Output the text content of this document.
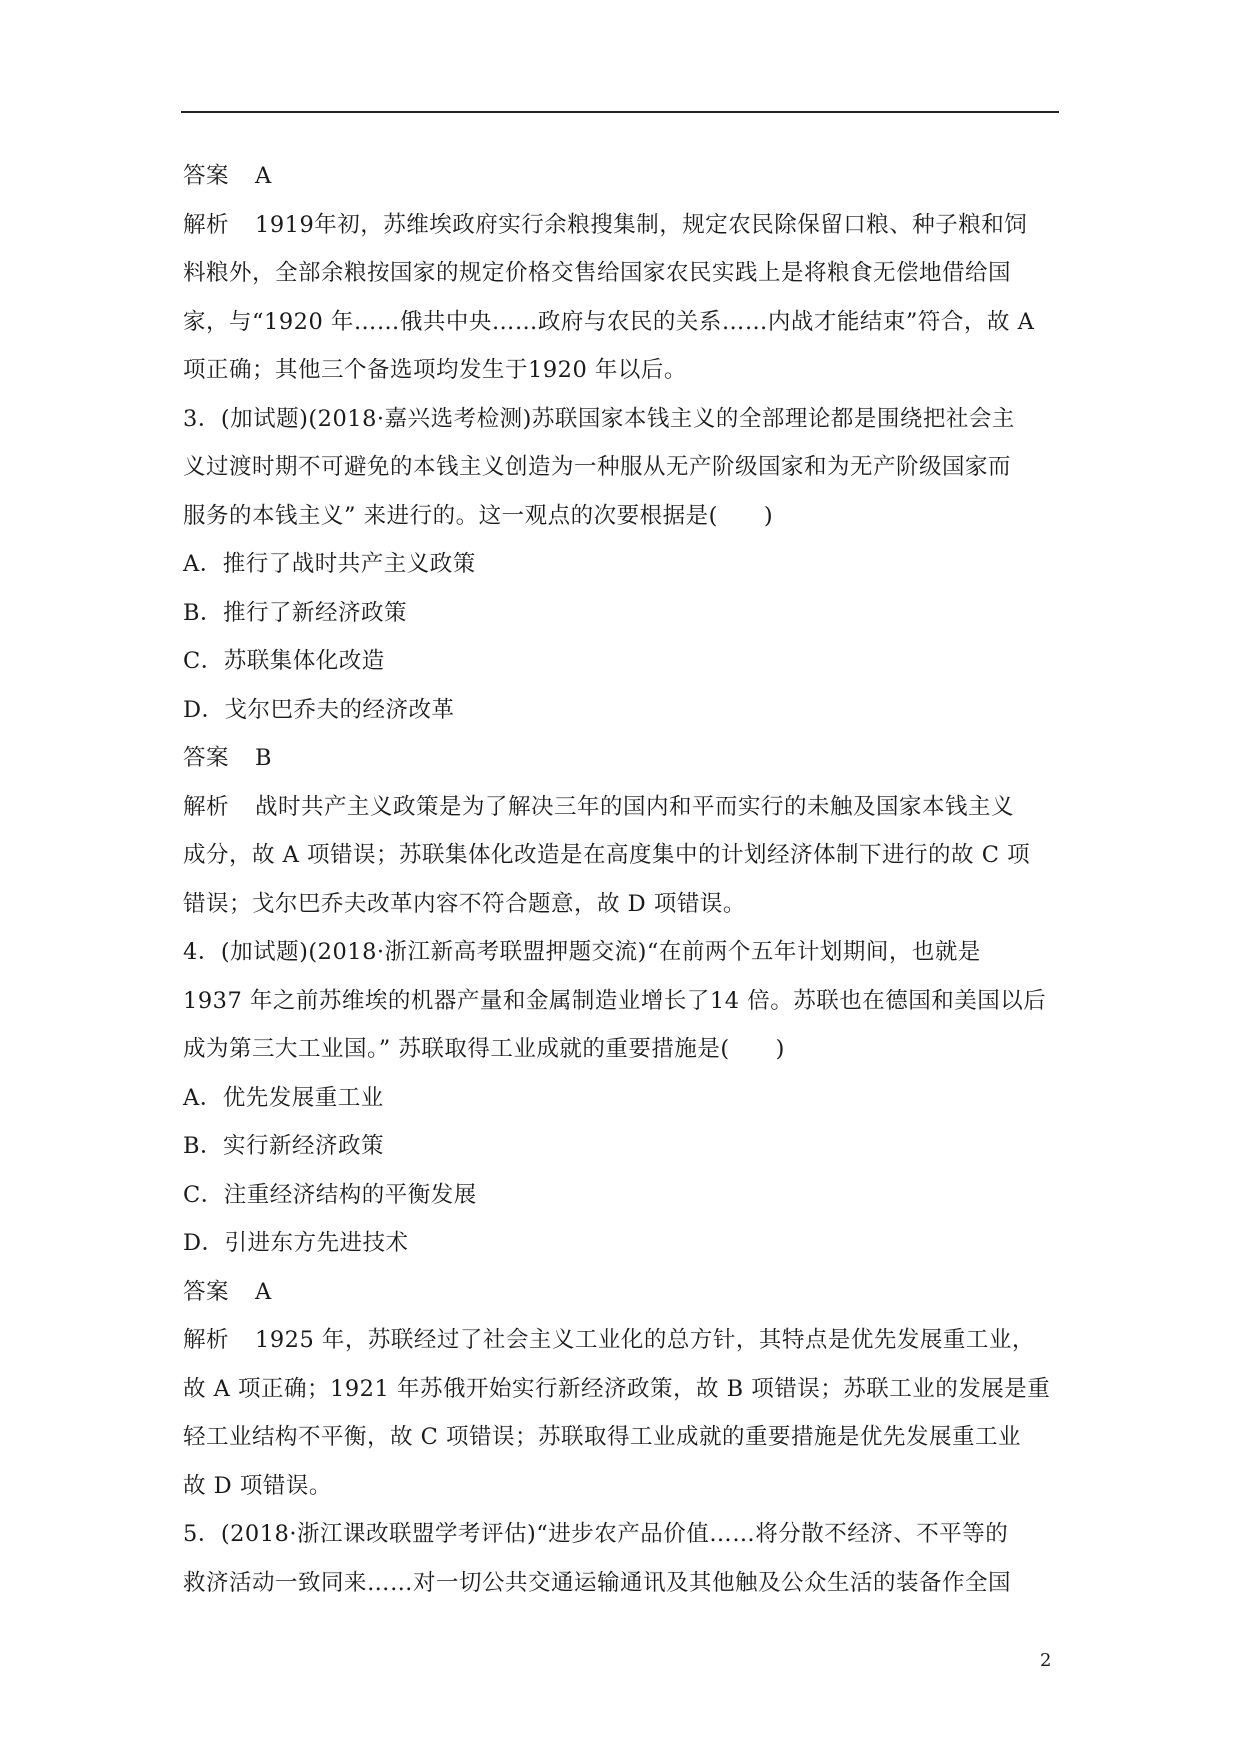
答案 A
解析 1919年初，苏维埃政府实行余粮搜集制，规定农民除保留口粮、种子粮和饲
料粮外，全部余粮按国家的规定价格交售给国家农民实践上是将粮食无偿地借给国
家，与“1920 年……俄共中央……政府与农民的关系……内战才能结束”符合，故 A
项正确；其他三个备选项均发生于1920 年以后。
3．(加试题)(2018·嘉兴选考检测)苏联国家本钱主义的全部理论都是围绕把社会主
义过渡时期不可避免的本钱主义创造为一种服从无产阶级国家和为无产阶级国家而
服务的本钱主义” 来进行的。这一观点的次要根据是(　　)
A．推行了战时共产主义政策
B．推行了新经济政策
C．苏联集体化改造
D．戈尔巴乔夫的经济改革
答案 B
解析 战时共产主义政策是为了解决三年的国内和平而实行的未触及国家本钱主义
成分，故 A 项错误；苏联集体化改造是在高度集中的计划经济体制下进行的故 C 项
错误；戈尔巴乔夫改革内容不符合题意，故 D 项错误。
4．(加试题)(2018·浙江新高考联盟押题交流)“在前两个五年计划期间，也就是
1937 年之前苏维埃的机器产量和金属制造业增长了14 倍。苏联也在德国和美国以后
成为第三大工业国。” 苏联取得工业成就的重要措施是(　　)
A．优先发展重工业
B．实行新经济政策
C．注重经济结构的平衡发展
D．引进东方先进技术
答案 A
解析 1925 年，苏联经过了社会主义工业化的总方针，其特点是优先发展重工业，
故 A 项正确；1921 年苏俄开始实行新经济政策，故 B 项错误；苏联工业的发展是重
轻工业结构不平衡，故 C 项错误；苏联取得工业成就的重要措施是优先发展重工业
故 D 项错误。
5．(2018·浙江课改联盟学考评估)“进步农产品价值……将分散不经济、不平等的
救济活动一致同来……对一切公共交通运输通讯及其他触及公众生活的装备作全国
2
